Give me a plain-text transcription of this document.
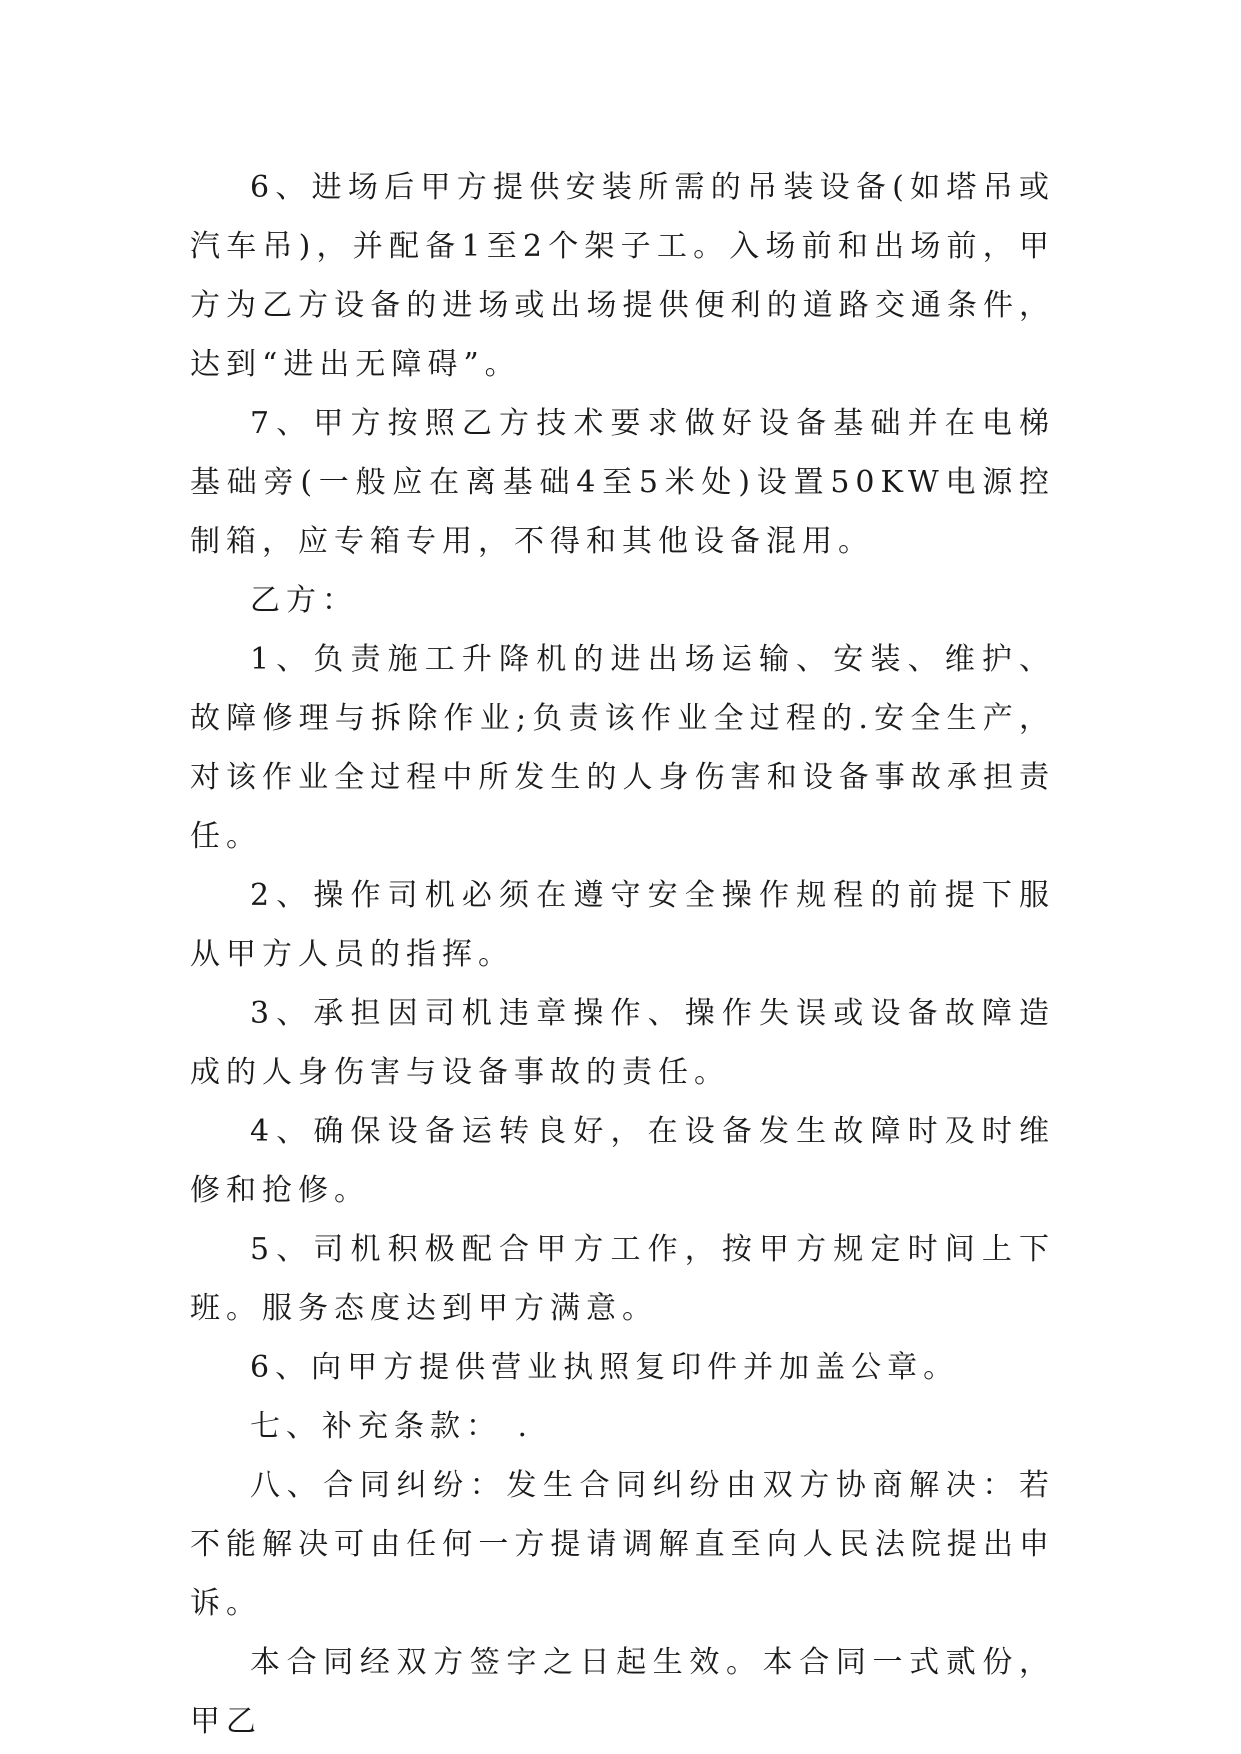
6、进场后甲方提供安装所需的吊装设备(如塔吊或汽车吊)，并配备1至2个架子工。入场前和出场前，甲方为乙方设备的进场或出场提供便利的道路交通条件，达到“进出无障碍”。

7、甲方按照乙方技术要求做好设备基础并在电梯基础旁(一般应在离基础4至5米处)设置50KW电源控制箱，应专箱专用，不得和其他设备混用。

乙方：

1、负责施工升降机的进出场运输、安装、维护、故障修理与拆除作业;负责该作业全过程的.安全生产，对该作业全过程中所发生的人身伤害和设备事故承担责任。

2、操作司机必须在遵守安全操作规程的前提下服从甲方人员的指挥。

3、承担因司机违章操作、操作失误或设备故障造成的人身伤害与设备事故的责任。

4、确保设备运转良好，在设备发生故障时及时维修和抢修。

5、司机积极配合甲方工作，按甲方规定时间上下班。服务态度达到甲方满意。

6、向甲方提供营业执照复印件并加盖公章。

七、补充条款： .

八、合同纠纷：发生合同纠纷由双方协商解决：若不能解决可由任何一方提请调解直至向人民法院提出申诉。

本合同经双方签字之日起生效。本合同一式贰份，甲乙
